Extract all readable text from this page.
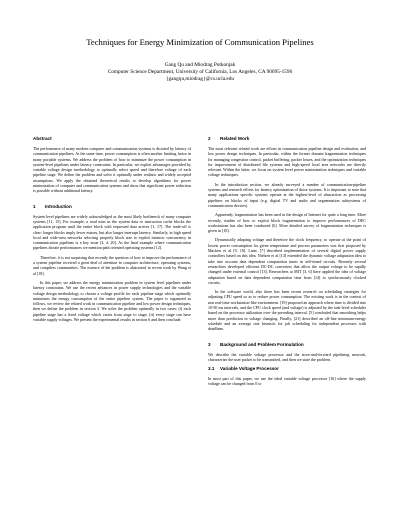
Techniques for Energy Minimization of Communication Pipelines
Gang Qu and Miodrag Potkonjak
Computer Science Department, University of California, Los Angeles, CA 90095-1596
{gangqu,miodrag}@cs.ucla.edu
Abstract

The performance of many modern computer and communication systems is dictated by latency of communication pipelines. At the same time, power consumption is often another limiting factor in many portable systems. We address the problem of how to minimize the power consumption in system-level pipelines under latency constraints. In particular, we exploit advantages provided by variable voltage design methodology to optimally select speed and therefore voltage of each pipeline stage. We define the problem and solve it optimally under realistic and widely accepted assumptions. We apply the obtained theoretical results to develop algorithms for power minimization of computer and communication systems and show that significant power reduction is possible without additional latency.

1 Introduction

System level pipelines are widely acknowledged as the most likely bottleneck of many computer systems [11, 15]. For example, a read miss in the system data or instruction cache blocks the application program until the entire block with requested data arrives [1, 17]. The trade-off is clear: longer blocks imply fewer misses, but also longer interrupt latency. Similarly, in high speed local and wide-area networks selecting properly block size to exploit intrinsic concurrency in communication pipelines is a key issue [2, 4, 20]. As the final example where communication pipelines dictate performances we mention path oriented operating systems [12].

Therefore, it is not surprising that recently the question of how to improve the performance of a system pipeline received a great deal of attention in computer architecture, operating systems, and compilers communities. The essence of the problem is abstracted in recent work by Wang et al [18].

In this paper, we address the energy minimization problem in system level pipelines under latency constraints. We use the recent advances in power supply technologies and the variable voltage design methodology to choose a voltage profile for each pipeline stage which optimally minimizes the energy consumption of the entire pipeline system. The paper is organized as follows, we review the related work in communication pipeline and low power design techniques, then we define the problem in section 3. We solve the problem optimally in two cases: (i) each pipeline stage has a fixed voltage which varies from stage to stage; (ii) every stage can have variable supply voltages. We present the experimental results in section 6 and then conclude.

2 Related Work

The most relevant related work are efforts in communication pipeline design and evaluation, and low power design techniques. In particular, within the former domain fragmentation techniques for managing congestion control, packet buffering, packet losses, and the optimization techniques for improvement of distributed file systems and high-speed local area networks are directly relevant. Within the latter, we focus on system level power minimization techniques and variable voltage techniques.

In the introduction section, we already surveyed a number of communication-pipeline systems and research efforts for latency optimization of those systems. It is important to note that many applications specific systems operate at the highest-level of abstraction as processing pipelines on blocks of input (e.g. digital TV and audio and segmentation subsystems of communication devices).

Apparently, fragmentation has been used in the design of Internet for quite a long time. More recently, studies of how to exploit block fragmentation to improve performances of DEC workstations has also been conducted [6]. More detailed survey of fragmentation techniques is given in [18].

Dynamically adapting voltage and therefore the clock frequency, to operate at the point of lowest power consumption for given temperature and process parameters was first proposed by Macken et al [9, 10]. Later, [7] described implementation of several digital power supply controllers based on this idea. Nielsen et al [14] extended the dynamic voltage adaptation idea to take into account data dependent computation times in self-timed circuits. Recently several researchers developed efficient DC-DC converters that allow the output voltage to be rapidly changed under external control [13]. Researchers at MIT [3, 6] have applied the idea of voltage adaptation based on data dependent computation time from [14] to synchronously clocked circuits.

In the software world, also there has been recent research on scheduling strategies for adjusting CPU speed so as to reduce power consumption. The existing work is in the context of non real-time workstation-like environment. [19] proposed an approach where time is divided into 10-50 ms intervals, and the CPU clock speed (and voltage) is adjusted by the task-level scheduler based on the processor utilization over the preceding interval. [5] concluded that smoothing helps more than prediction in voltage changing. Finally, [21] described an off-line minimum-energy schedule and an average rate heuristic for job scheduling for independent processes with deadlines.

3 Background and Problem Formulation

We describe the variable voltage processor and the store-and-forward pipelining network, characterize the user packet to be transmitted, and then we state the problem.

3.1 Variable Voltage Processor

In most part of this paper, we use the ideal variable voltage processor [16] where the supply voltage can be changed from 0 to
